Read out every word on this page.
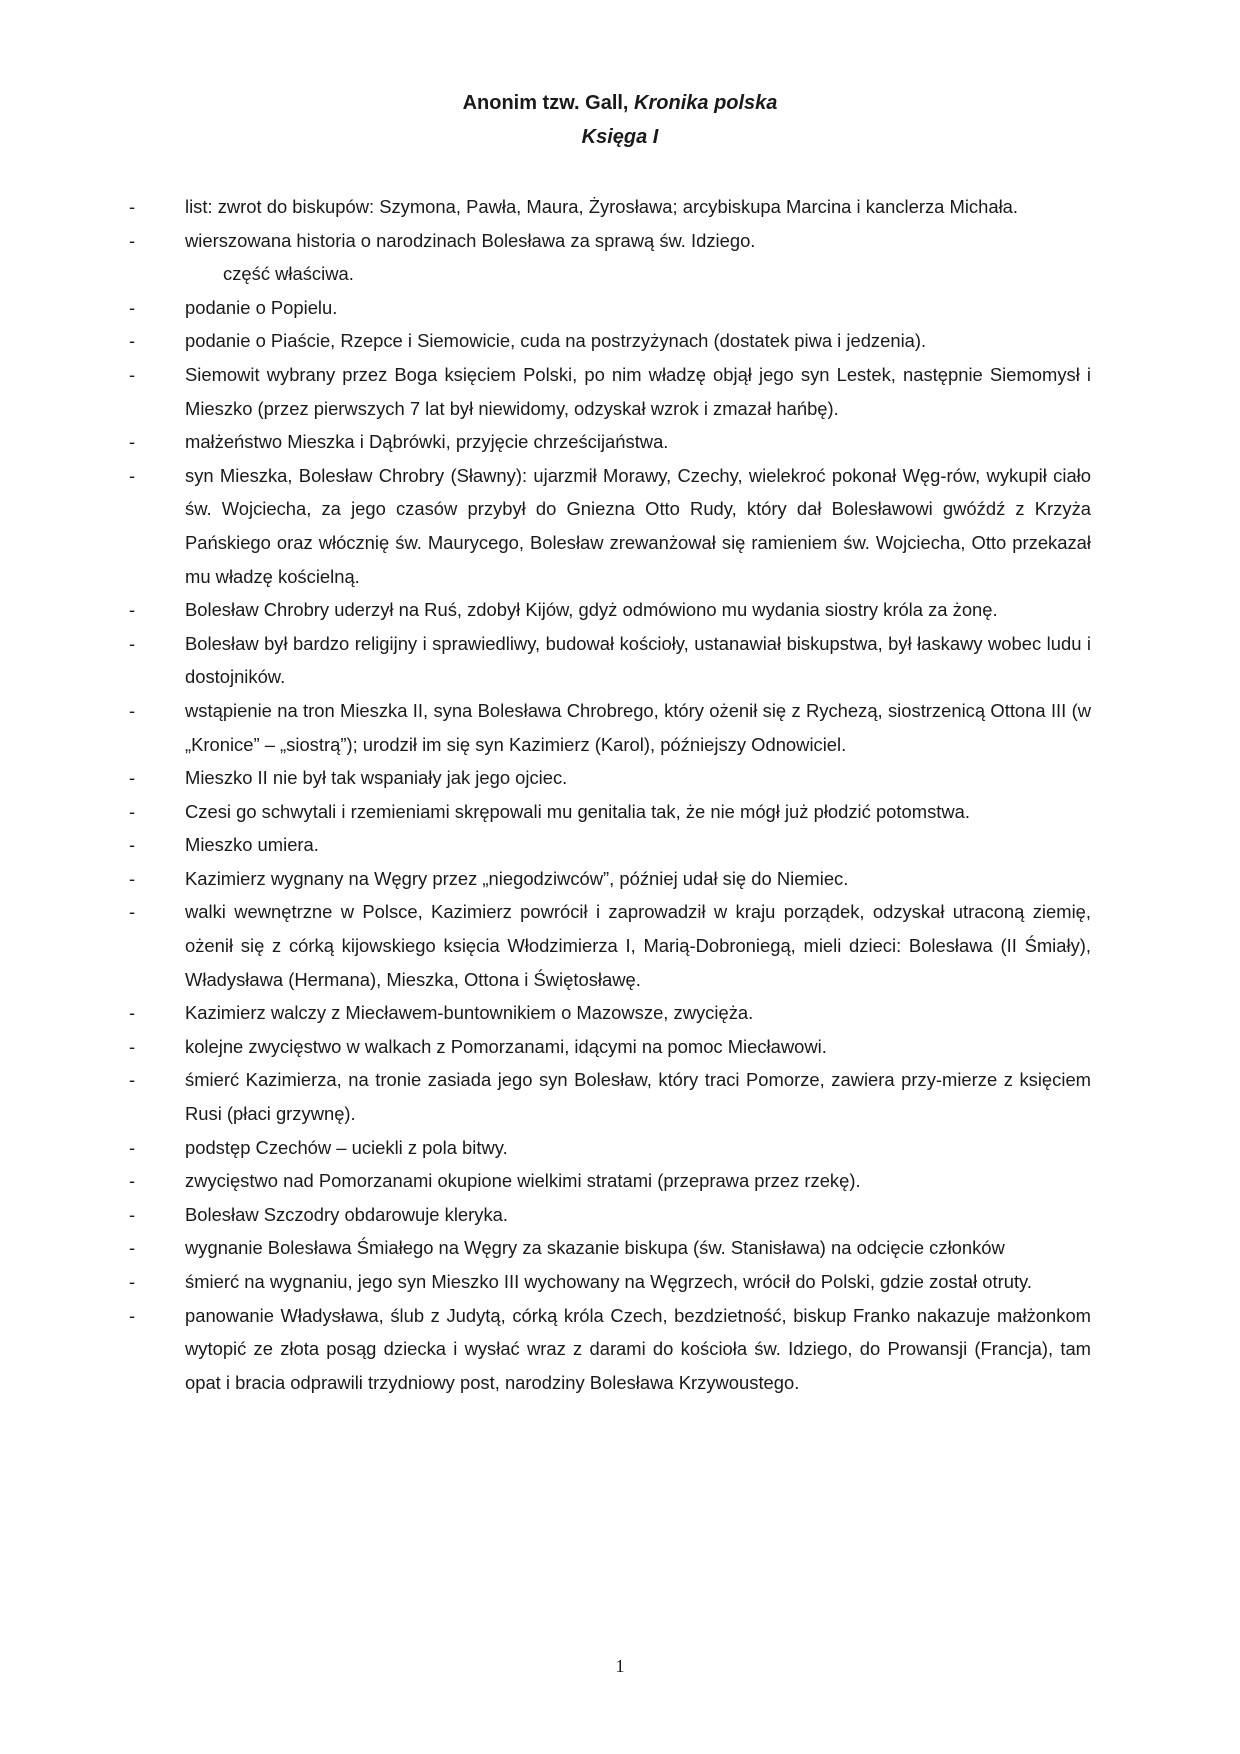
Anonim tzw. Gall, Kronika polska
Księga I
-	list: zwrot do biskupów: Szymona, Pawła, Maura, Żyrosława; arcybiskupa Marcina i kanclerza Michała.
-	wierszowana historia o narodzinach Bolesława za sprawą św. Idziego.
część właściwa.
-	podanie o Popielu.
-	podanie o Piaście, Rzepce i Siemowicie, cuda na postrzyżynach (dostatek piwa i jedzenia).
-	Siemowit wybrany przez Boga księciem Polski, po nim władzę objął jego syn Lestek, następnie Siemomysł i Mieszko (przez pierwszych 7 lat był niewidomy, odzyskał wzrok i zmazał hańbę).
-	małżeństwo Mieszka i Dąbrówki, przyjęcie chrześcijaństwa.
-	syn Mieszka, Bolesław Chrobry (Sławny): ujarzmił Morawy, Czechy, wielekroć pokonał Węg-rów, wykupił ciało św. Wojciecha, za jego czasów przybył do Gniezna Otto Rudy, który dał Bolesławowi gwóźdź z Krzyża Pańskiego oraz włócznię św. Maurycego, Bolesław zrewanżował się ramieniem św. Wojciecha, Otto przekazał mu władzę kościelną.
-	Bolesław Chrobry uderzył na Ruś, zdobył Kijów, gdyż odmówiono mu wydania siostry króla za żonę.
-	Bolesław był bardzo religijny i sprawiedliwy, budował kościoły, ustanawiał biskupstwa, był łaskawy wobec ludu i dostojników.
-	wstąpienie na tron Mieszka II, syna Bolesława Chrobrego, który ożenił się z Rychezą, siostrzenicą Ottona III (w „Kronice” – „siostrą”); urodził im się syn Kazimierz (Karol), późniejszy Odnowiciel.
-	Mieszko II nie był tak wspaniały jak jego ojciec.
-	Czesi go schwytali i rzemieniami skrępowali mu genitalia tak, że nie mógł już płodzić potomstwa.
-	Mieszko umiera.
-	Kazimierz wygnany na Węgry przez „niegodziwców”, później udał się do Niemiec.
-	walki wewnętrzne w Polsce, Kazimierz powrócił i zaprowadził w kraju porządek, odzyskał utraconą ziemię, ożenił się z córką kijowskiego księcia Włodzimierza I, Marią-Dobroniegą, mieli dzieci: Bolesława (II Śmiały), Władysława (Hermana), Mieszka, Ottona i Świętosławę.
-	Kazimierz walczy z Miecławem-buntownikiem o Mazowsze, zwycięża.
-	kolejne zwycięstwo w walkach z Pomorzanami, idącymi na pomoc Miecławowi.
-	śmierć Kazimierza, na tronie zasiada jego syn Bolesław, który traci Pomorze, zawiera przy-mierze z księciem Rusi (płaci grzywnę).
-	podstęp Czechów – uciekli z pola bitwy.
-	zwycięstwo nad Pomorzanami okupione wielkimi stratami (przeprawa przez rzekę).
-	Bolesław Szczodry obdarowuje kleryka.
-	wygnanie Bolesława Śmiałego na Węgry za skazanie biskupa (św. Stanisława) na odcięcie członków
-	śmierć na wygnaniu, jego syn Mieszko III wychowany na Węgrzech, wrócił do Polski, gdzie został otruty.
-	panowanie Władysława, ślub z Judytą, córką króla Czech, bezdzietność, biskup Franko nakazuje małżonkom wytopić ze złota posąg dziecka i wysłać wraz z darami do kościoła św. Idziego, do Prowansji (Francja), tam opat i bracia odprawili trzydniowy post, narodziny Bolesława Krzywoustego.
1
